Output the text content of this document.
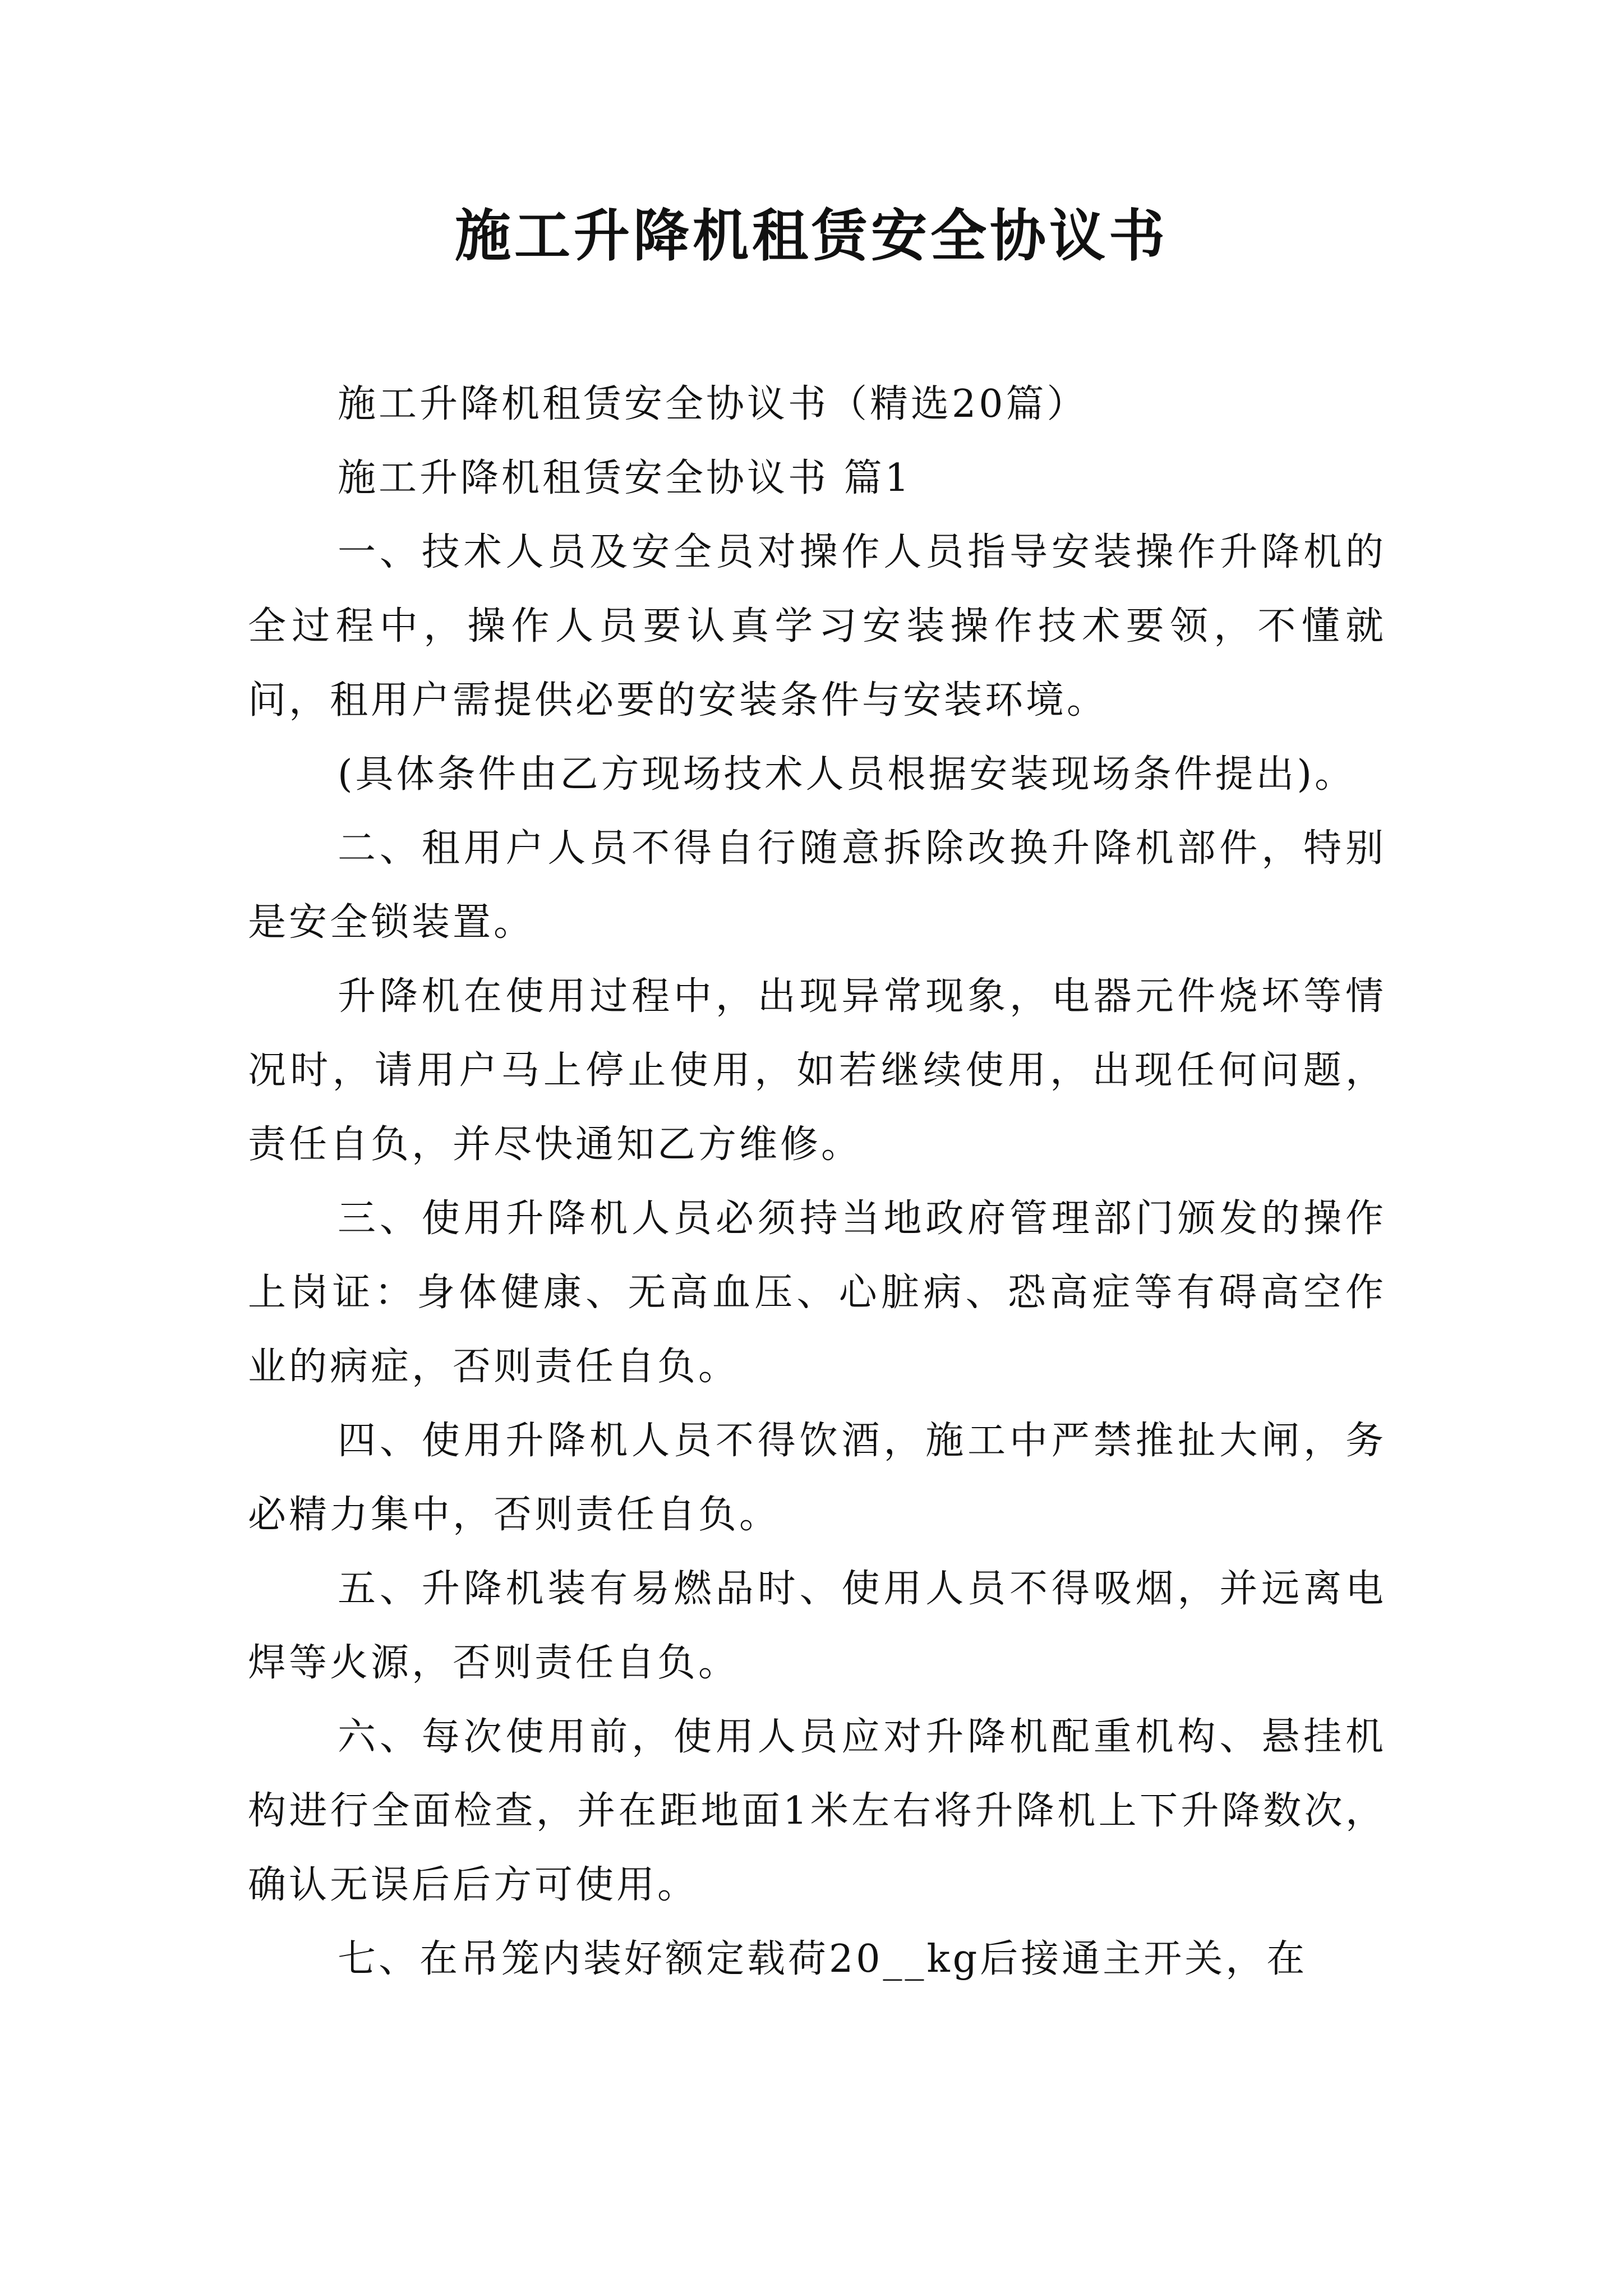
施工升降机租赁安全协议书

施工升降机租赁安全协议书（精选20篇）

施工升降机租赁安全协议书 篇1

一、技术人员及安全员对操作人员指导安装操作升降机的全过程中，操作人员要认真学习安装操作技术要领，不懂就问，租用户需提供必要的安装条件与安装环境。

(具体条件由乙方现场技术人员根据安装现场条件提出)。

二、租用户人员不得自行随意拆除改换升降机部件，特别是安全锁装置。

升降机在使用过程中，出现异常现象，电器元件烧坏等情况时，请用户马上停止使用，如若继续使用，出现任何问题，责任自负，并尽快通知乙方维修。

三、使用升降机人员必须持当地政府管理部门颁发的操作上岗证：身体健康、无高血压、心脏病、恐高症等有碍高空作业的病症，否则责任自负。

四、使用升降机人员不得饮酒，施工中严禁推扯大闸，务必精力集中，否则责任自负。

五、升降机装有易燃品时、使用人员不得吸烟，并远离电焊等火源，否则责任自负。

六、每次使用前，使用人员应对升降机配重机构、悬挂机构进行全面检查，并在距地面1米左右将升降机上下升降数次，确认无误后后方可使用。

七、在吊笼内装好额定载荷20__kg后接通主开关，在
